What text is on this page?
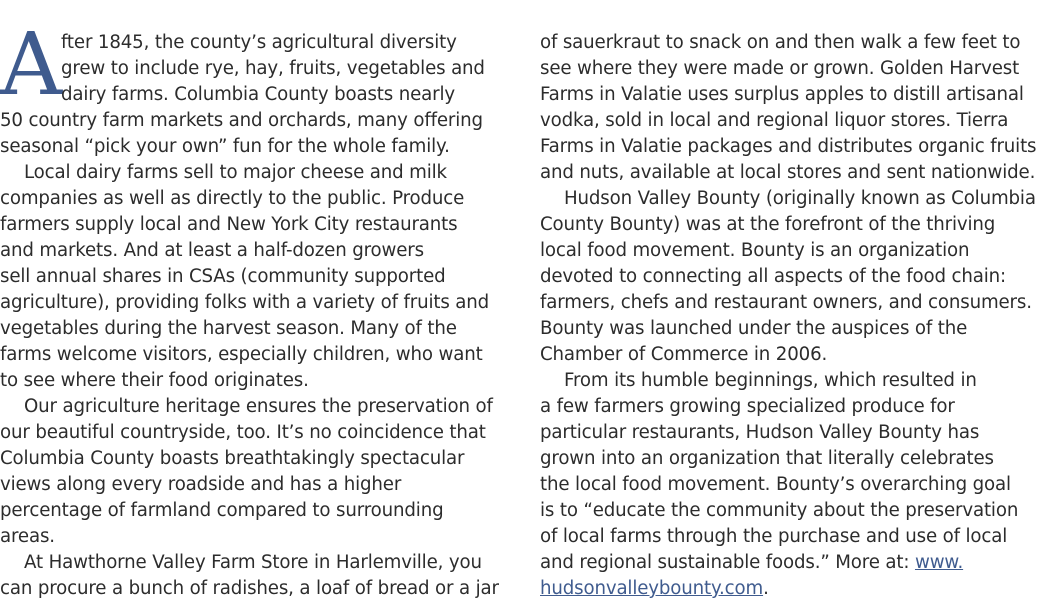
A fter 1845, the county’s agricultural diversity
grew to include rye, hay, fruits, vegetables and
dairy farms. Columbia County boasts nearly
50 country farm markets and orchards, many offering
seasonal “pick your own” fun for the whole family.
Local dairy farms sell to major cheese and milk
companies as well as directly to the public. Produce
farmers supply local and New York City restaurants
and markets. And at least a half-dozen growers
sell annual shares in CSAs (community supported
agriculture), providing folks with a variety of fruits and
vegetables during the harvest season. Many of the
farms welcome visitors, especially children, who want
to see where their food originates.
Our agriculture heritage ensures the preservation of
our beautiful countryside, too. It’s no coincidence that
Columbia County boasts breathtakingly spectacular
views along every roadside and has a higher
percentage of farmland compared to surrounding
areas.
At Hawthorne Valley Farm Store in Harlemville, you
can procure a bunch of radishes, a loaf of bread or a jar
of sauerkraut to snack on and then walk a few feet to
see where they were made or grown. Golden Harvest
Farms in Valatie uses surplus apples to distill artisanal
vodka, sold in local and regional liquor stores. Tierra
Farms in Valatie packages and distributes organic fruits
and nuts, available at local stores and sent nationwide.
Hudson Valley Bounty (originally known as Columbia
County Bounty) was at the forefront of the thriving
local food movement. Bounty is an organization
devoted to connecting all aspects of the food chain:
farmers, chefs and restaurant owners, and consumers.
Bounty was launched under the auspices of the
Chamber of Commerce in 2006.
From its humble beginnings, which resulted in
a few farmers growing specialized produce for
particular restaurants, Hudson Valley Bounty has
grown into an organization that literally celebrates
the local food movement. Bounty’s overarching goal
is to “educate the community about the preservation
of local farms through the purchase and use of local
and regional sustainable foods.” More at: www.
hudsonvalleybounty.com.
